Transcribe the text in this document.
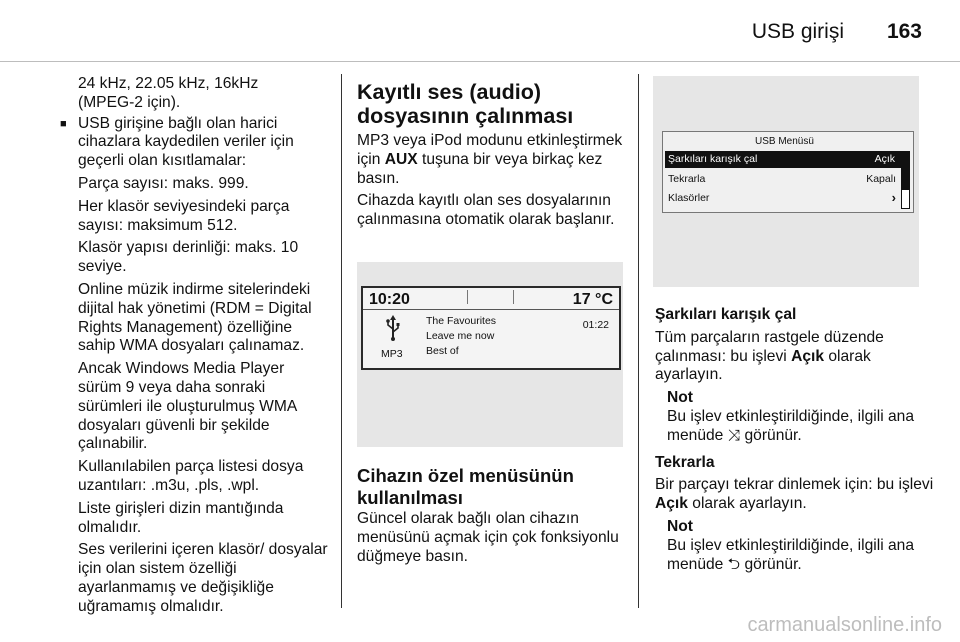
USB girişi 163

24 kHz, 22.05 kHz, 16kHz
(MPEG-2 için).

■ USB girişine bağlı olan harici cihazlara kaydedilen veriler için geçerli olan kısıtlamalar:

Parça sayısı: maks. 999.

Her klasör seviyesindeki parça sayısı: maksimum 512.

Klasör yapısı derinliği: maks. 10 seviye.

Online müzik indirme sitelerindeki dijital hak yönetimi (RDM = Digital Rights Management) özelliğine sahip WMA dosyaları çalınamaz.

Ancak Windows Media Player sürüm 9 veya daha sonraki sürümleri ile oluşturulmuş WMA dosyaları güvenli bir şekilde çalınabilir.

Kullanılabilen parça listesi dosya uzantıları: .m3u, .pls, .wpl.

Liste girişleri dizin mantığında olmalıdır.

Ses verilerini içeren klasör/ dosyalar için olan sistem özelliği ayarlanmamış ve değişikliğe uğramamış olmalıdır.

Kayıtlı ses (audio) dosyasının çalınması

MP3 veya iPod modunu etkinleştirmek için AUX tuşuna bir veya birkaç kez basın.

Cihazda kayıtlı olan ses dosyalarının çalınmasına otomatik olarak başlanır.

10:20	17 °C
MP3
The Favourites
Leave me now
Best of
01:22
Cihazın özel menüsünün kullanılması

Güncel olarak bağlı olan cihazın menüsünü açmak için çok fonksiyonlu düğmeye basın.

USB Menüsü
Şarkıları karışık çal	Açık
Tekrarla	Kapalı
Klasörler	›

Şarkıları karışık çal

Tüm parçaların rastgele düzende çalınması: bu işlevi Açık olarak ayarlayın.

Not
Bu işlev etkinleştirildiğinde, ilgili ana menüde ⤨ görünür.

Tekrarla

Bir parçayı tekrar dinlemek için: bu işlevi Açık olarak ayarlayın.

Not
Bu işlev etkinleştirildiğinde, ilgili ana menüde ⮌ görünür.
carmanualsonline.info
